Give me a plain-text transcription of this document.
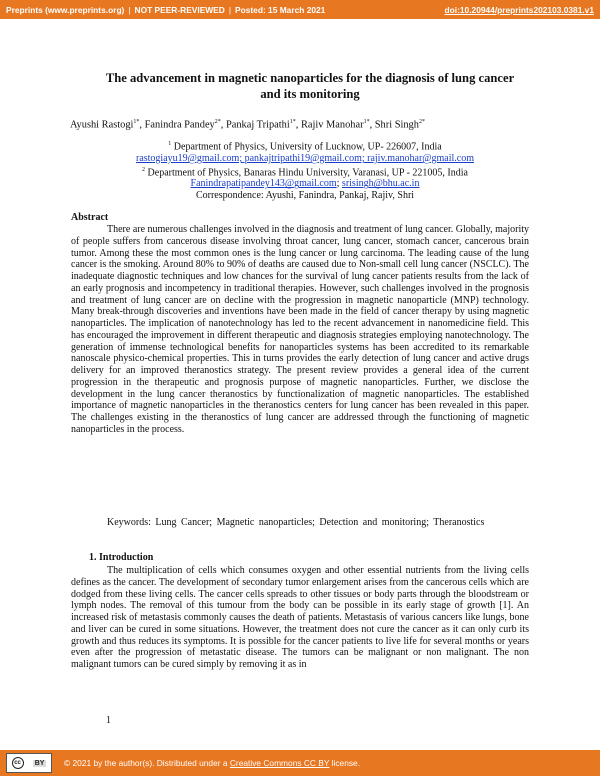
Preprints (www.preprints.org) | NOT PEER-REVIEWED | Posted: 15 March 2021	doi:10.20944/preprints202103.0381.v1
The advancement in magnetic nanoparticles for the diagnosis of lung cancer and its monitoring
Ayushi Rastogi$^{1*}$, Fanindra Pandey$^{2*}$, Pankaj Tripathi$^{1*}$, Rajiv Manohar$^{1*}$, Shri Singh$^{2*}$
$^1$ Department of Physics, University of Lucknow, UP- 226007, India
rastogiayu19@gmail.com; pankajtripathi19@gmail.com; rajiv.manohar@gmail.com
$^2$ Department of Physics, Banaras Hindu University, Varanasi, UP - 221005, India
Fanindrapatipandey143@gmail.com; srisingh@bhu.ac.in
Correspondence: Ayushi, Fanindra, Pankaj, Rajiv, Shri
Abstract

There are numerous challenges involved in the diagnosis and treatment of lung cancer. Globally, majority of people suffers from cancerous disease involving throat cancer, lung cancer, stomach cancer, cancerous brain tumor. Among these the most common ones is the lung cancer or lung carcinoma. The leading cause of the lung cancer is the smoking. Around 80% to 90% of deaths are caused due to Non-small cell lung cancer (NSCLC). The inadequate diagnostic techniques and low chances for the survival of lung cancer patients results from the lack of an early prognosis and incompetency in traditional therapies. However, such challenges involved in the prognosis and treatment of lung cancer are on decline with the progression in magnetic nanoparticle (MNP) technology. Many break-through discoveries and inventions have been made in the field of cancer therapy by using magnetic nanoparticles. The implication of nanotechnology has led to the recent advancement in nanomedicine field. This has encouraged the improvement in different therapeutic and diagnosis strategies employing nanotechnology. The generation of immense technological benefits for nanoparticles systems has been accredited to its remarkable nanoscale physico-chemical properties. This in turns provides the early detection of lung cancer and active drugs delivery for an improved theranostics strategy. The present review provides a general idea of the current progression in the therapeutic and prognosis purpose of magnetic nanoparticles. Further, we disclose the development in the lung cancer theranostics by functionalization of magnetic nanoparticles. The established importance of magnetic nanoparticles in the theranostics centers for lung cancer has been revealed in this paper. The challenges existing in the theranostics of lung cancer are addressed through the functioning of magnetic nanoparticles in the process.

Keywords: Lung Cancer; Magnetic nanoparticles; Detection and monitoring; Theranostics

1. Introduction

The multiplication of cells which consumes oxygen and other essential nutrients from the living cells defines as the cancer. The development of secondary tumor enlargement arises from the cancerous cells which are dodged from these living cells. The cancer cells spreads to other tissues or body parts through the bloodstream or lymph nodes. The removal of this tumour from the body can be possible in its early stage of growth [1]. An increased risk of metastasis commonly causes the death of patients. Metastasis of various cancers like lungs, bone and liver can be cured in some situations. However, the treatment does not cure the cancer as it can only curb its growth and thus reduces its symptoms. It is possible for the cancer patients to live life for several months or years even after the progression of metastatic disease. The tumors can be malignant or non malignant. The non malignant tumors can be cured simply by removing it as in

1
cc	BY © 2021 by the author(s). Distributed under a Creative Commons CC BY license.
